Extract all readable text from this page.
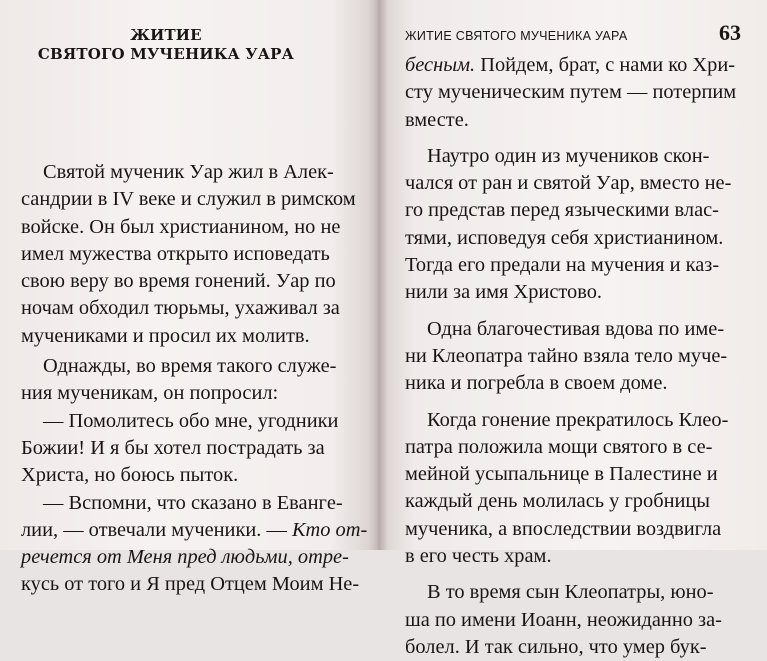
ЖИТИЕ
СВЯТОГО МУЧЕНИКА УАРА
Святой мученик Уар жил в Алек-
сандрии в IV веке и служил в римском
войске. Он был христианином, но не
имел мужества открыто исповедать
свою веру во время гонений. Уар по
ночам обходил тюрьмы, ухаживал за
мучениками и просил их молитв.
Однажды, во время такого служе-
ния мученикам, он попросил:
— Помолитесь обо мне, угодники
Божии! И я бы хотел пострадать за
Христа, но боюсь пыток.
— Вспомни, что сказано в Евангe-
лии, — отвечали мученики. — Кто от-
речется от Меня пред людьми, отре-
кусь от того и Я пред Отцем Моим Не-
ЖИТИЕ СВЯТОГО МУЧЕНИКА УАРА	63
бесным. Пойдем, брат, с нами ко Хри-
сту мученическим путем — потерпим
вместе.
Наутро один из мучеников скон-
чался от ран и святой Уар, вместо не-
го представ перед языческими влас-
тями, исповедуя себя христианином.
Тогда его предали на мучения и каз-
нили за имя Христово.
Одна благочестивая вдова по име-
ни Клеопатра тайно взяла тело муче-
ника и погребла в своем доме.
Когда гонение прекратилось Клео-
патра положила мощи святого в се-
мейной усыпальнице в Палестине и
каждый день молилась у гробницы
мученика, а впоследствии воздвигла
в его честь храм.
В то время сын Клеопатры, юно-
ша по имени Иоанн, неожиданно за-
болел. И так сильно, что умер бук-
